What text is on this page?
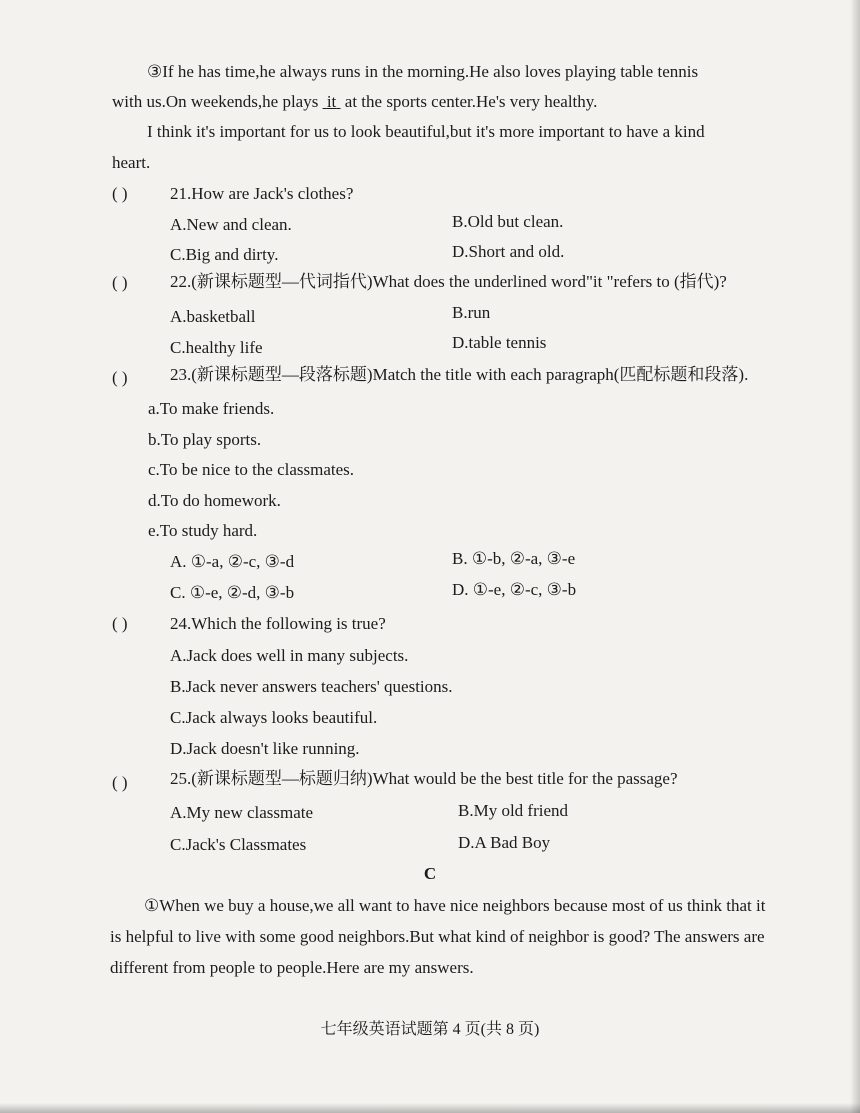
③If he has time,he always runs in the morning.He also loves playing table tennis
with us.On weekends,he plays it at the sports center.He's very healthy.
I think it's important for us to look beautiful,but it's more important to have a kind
heart.
( ) 21.How are Jack's clothes?
A.New and clean.	B.Old but clean.
C.Big and dirty.	D.Short and old.
( ) 22.(新课标题型—代词指代)What does the underlined word"it "refers to (指代)?
A.basketball	B.run
C.healthy life	D.table tennis
( ) 23.(新课标题型—段落标题)Match the title with each paragraph(匹配标题和段落).
a.To make friends.
b.To play sports.
c.To be nice to the classmates.
d.To do homework.
e.To study hard.
A. ①-a, ②-c, ③-d	B. ①-b, ②-a, ③-e
C. ①-e, ②-d, ③-b	D. ①-e, ②-c, ③-b
( ) 24.Which the following is true?
A.Jack does well in many subjects.
B.Jack never answers teachers' questions.
C.Jack always looks beautiful.
D.Jack doesn't like running.
( ) 25.(新课标题型—标题归纳)What would be the best title for the passage?
A.My new classmate	B.My old friend
C.Jack's Classmates	D.A Bad Boy
C

①When we buy a house,we all want to have nice neighbors because most of us think that it is helpful to live with some good neighbors.But what kind of neighbor is good? The answers are different from people to people.Here are my answers.

七年级英语试题第 4 页(共 8 页)
